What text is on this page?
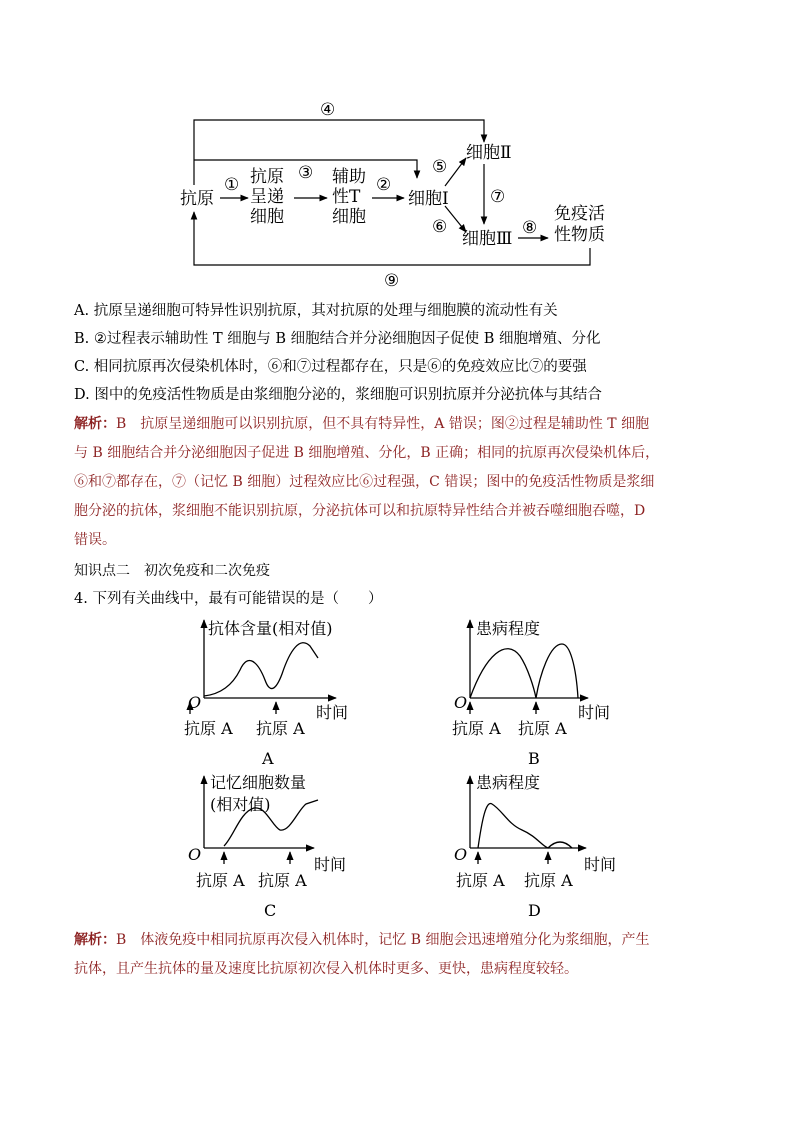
④
①
③
②
⑤
⑥
⑦
⑧
⑨
抗原
抗原
呈递
细胞
辅助
性T
细胞
细胞Ⅰ
细胞Ⅱ
细胞Ⅲ
免疫活
性物质
A. 抗原呈递细胞可特异性识别抗原，其对抗原的处理与细胞膜的流动性有关
B. ②过程表示辅助性 T 细胞与 B 细胞结合并分泌细胞因子促使 B 细胞增殖、分化
C. 相同抗原再次侵染机体时，⑥和⑦过程都存在，只是⑥的免疫效应比⑦的要强
D. 图中的免疫活性物质是由浆细胞分泌的，浆细胞可识别抗原并分泌抗体与其结合
解析：B　抗原呈递细胞可以识别抗原，但不具有特异性，A 错误；图②过程是辅助性 T 细胞
与 B 细胞结合并分泌细胞因子促进 B 细胞增殖、分化，B 正确；相同的抗原再次侵染机体后，
⑥和⑦都存在，⑦（记忆 B 细胞）过程效应比⑥过程强，C 错误；图中的免疫活性物质是浆细
胞分泌的抗体，浆细胞不能识别抗原，分泌抗体可以和抗原特异性结合并被吞噬细胞吞噬，D
错误。
知识点二　初次免疫和二次免疫
4. 下列有关曲线中，最有可能错误的是（　　）
抗体含量(相对值)
O
时间
抗原 A 抗原 A
A
患病程度
O
时间
抗原 A 抗原 A
B
记忆细胞数量
(相对值)
O
时间
抗原 A 抗原 A
C
患病程度
O
时间
抗原 A 抗原 A
D
解析：B　体液免疫中相同抗原再次侵入机体时，记忆 B 细胞会迅速增殖分化为浆细胞，产生
抗体，且产生抗体的量及速度比抗原初次侵入机体时更多、更快，患病程度较轻。
